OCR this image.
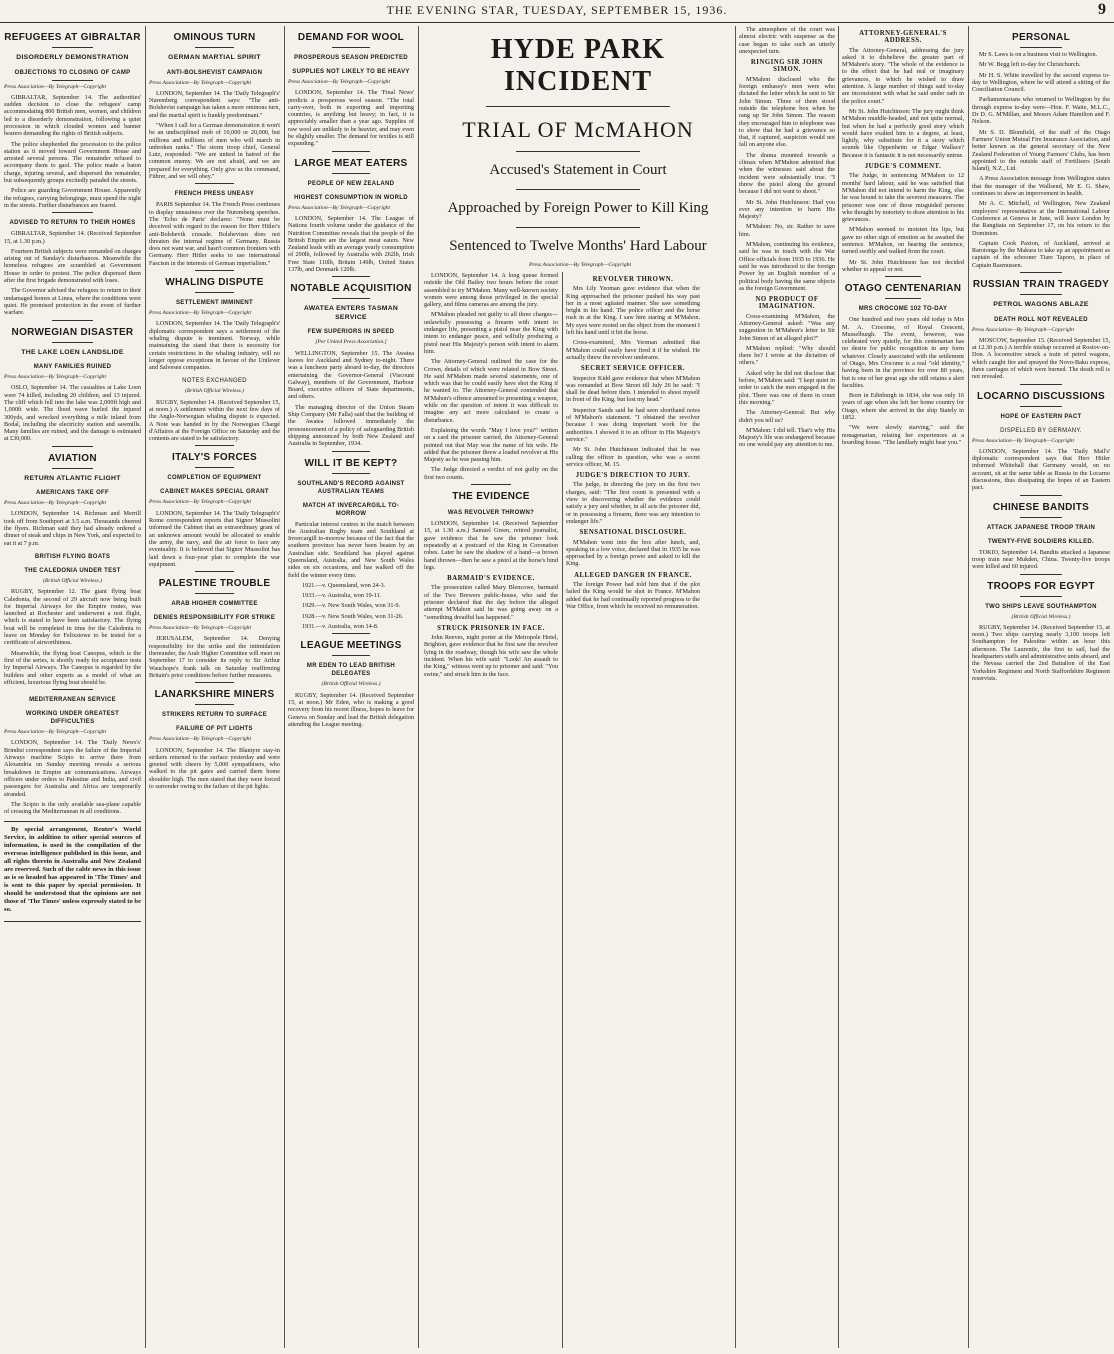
THE EVENING STAR, TUESDAY, SEPTEMBER 15, 1936.	9
REFUGEES AT GIBRALTAR
DISORDERLY DEMONSTRATION
OBJECTIONS TO CLOSING OF CAMP

Press Association—By Telegraph—Copyright

GIBRALTAR, September 14. The authorities' sudden decision to close the refugees' camp accommodating 800 British men, women, and children led to a disorderly demonstration, following a quiet procession in which clouded women and banner bearers demanding the rights of British subjects.

The police shepherded the procession to the police station as it moved toward Government House and arrested several persons. The remainder refused to accompany them to gaol. The police made a baton charge, injuring several, and dispersed the remainder, but subsequently groups excitedly paraded the streets.

Police are guarding Government House. Apparently the refugees, carrying belongings, must spend the night in the streets. Further disturbances are feared.

ADVISED TO RETURN TO THEIR HOMES

GIBRALTAR, September 14. (Received September 15, at 1.30 p.m.)

Fourteen British subjects were remanded on charges arising out of Sunday's disturbances. Meanwhile the homeless refugees are scrambled at Government House in order to protest. The police dispersed them after the first brigade demonstrated with loses.

The Governor advised the refugees to return to their undamaged homes at Linea, where the conditions were quiet. He promised protection in the event of further warfare.

NORWEGIAN DISASTER
THE LAKE LOEN LANDSLIDE
MANY FAMILIES RUINED

Press Association—By Telegraph—Copyright

OSLO, September 14. The casualties at Lake Loen were 74 killed, including 20 children, and 13 injured. The cliff which fell into the lake was 2,000ft high and 1,000ft wide. The flood wave hurled the injured 300yds, and wrecked everything a mile inland from Bodal, including the electricity station and sawmills. Many families are ruined, and the damage is estimated at £30,000.

AVIATION
RETURN ATLANTIC FLIGHT
AMERICANS TAKE OFF

Press Association—By Telegraph—Copyright

LONDON, September 14. Richman and Merrill took off from Southport at 3.5 a.m. Thousands cheered the flyers. Richman said they had already ordered a dinner of steak and chips in New York, and expected to eat it at 7 p.m.

BRITISH FLYING BOATS
THE CALEDONIA UNDER TEST

(British Official Wireless.)

RUGBY, September 12. The giant flying boat Caledonia, the second of 29 aircraft now being built for Imperial Airways for the Empire routes, was launched at Rochester and underwent a test flight, which is stated to have been satisfactory. The flying boat will be completed in time for the Caledonia to leave on Monday for Felixstowe to be tested for a certificate of airworthiness.

Meanwhile, the flying boat Canopus, which is the first of the series, is shortly ready for acceptance tests by Imperial Airways. The Canopus is regarded by the builders and other experts as a model of what an efficient, luxurious flying boat should be.

MEDITERRANEAN SERVICE
WORKING UNDER GREATEST DIFFICULTIES

Press Association—By Telegraph—Copyright

LONDON, September 14. The 'Daily News's' Brindisi correspondent says the failure of the Imperial Airways machine Scipio to arrive there from Alexandria on Sunday morning reveals a serious breakdown in Empire air communications. Airways officers under orders to Palestine and India, and civil passengers for Australia and Africa are temporarily stranded.

The Scipio is the only available sea-plane capable of crossing the Mediterranean in all conditions.

By special arrangement, Reuter's World Service, in addition to other special sources of information, is used in the compilation of the overseas intelligence published in this issue, and all rights therein in Australia and New Zealand are reserved. Such of the cable news in this issue as is so headed has appeared in 'The Times' and is sent to this paper by special permission. It should be understood that the opinions are not those of 'The Times' unless expressly stated to be so.

OMINOUS TURN
GERMAN MARTIAL SPIRIT
ANTI-BOLSHEVIST CAMPAIGN

Press Association—By Telegraph—Copyright

LONDON, September 14. The 'Daily Telegraph's' Nuremberg correspondent says: "The anti-Bolshevist campaign has taken a more ominous turn, and the martial spirit is frankly predominant."

"When I call for a German demonstration it won't be an undisciplined mob of 10,000 or 20,000, but millions and millions of men who will march in unbroken ranks." The storm troop chief, General Lutz, responded: "We are united in hatred of the common enemy. We are not afraid, and we are prepared for everything. Only give us the command, Führer, and we will obey."

FRENCH PRESS UNEASY

PARIS September 14. The French Press continues to display uneasiness over the Nuremberg speeches. The 'Echo de Paris' declares: "None must be deceived with regard to the reason for Herr Hitler's anti-Bolshevik crusade. Bolshevism does not threaten the internal regime of Germany. Russia does not want war, and hasn't common frontiers with Germany. Herr Hitler seeks to use international Fascism in the interests of German imperialism."

WHALING DISPUTE
SETTLEMENT IMMINENT

Press Association—By Telegraph—Copyright

LONDON, September 14. The 'Daily Telegraph's' diplomatic correspondent says a settlement of the whaling dispute is imminent. Norway, while maintaining the stand that there is necessity for certain restrictions in the whaling industry, will no longer oppose exceptions in favour of the Unilever and Salvesen companies.

NOTES EXCHANGED

(British Official Wireless.)

RUGBY, September 14. (Received September 15, at noon.) A settlement within the next few days of the Anglo-Norwegian whaling dispute is expected. A Note was handed in by the Norwegian Chargé d'Affaires at the Foreign Office on Saturday and the contents are stated to be satisfactory.

ITALY'S FORCES
COMPLETION OF EQUIPMENT
CABINET MAKES SPECIAL GRANT

Press Association—By Telegraph—Copyright

LONDON, September 14. The 'Daily Telegraph's' Rome correspondent reports that Signor Mussolini informed the Cabinet that an extraordinary grant of an unknown amount would be allocated to enable the army, the navy, and the air force to face any eventuality. It is believed that Signor Mussolini has laid down a four-year plan to complete the war equipment.

PALESTINE TROUBLE
ARAB HIGHER COMMITTEE
DENIES RESPONSIBILITY FOR STRIKE

Press Association—By Telegraph—Copyright

JERUSALEM, September 14. Denying responsibility for the strike and the intimidation thereunder, the Arab Higher Committee will meet on September 17 to consider its reply to Sir Arthur Wauchope's frank talk on Saturday reaffirming Britain's prior conditions before further measures.

LANARKSHIRE MINERS
STRIKERS RETURN TO SURFACE
FAILURE OF PIT LIGHTS

Press Association—By Telegraph—Copyright

LONDON, September 14. The Blantyre stay-in strikers returned to the surface yesterday and were greeted with cheers by 5,000 sympathisers, who walked to the pit gates and carried them home shoulder high. The men stated that they were forced to surrender owing to the failure of the pit lights.

DEMAND FOR WOOL
PROSPEROUS SEASON PREDICTED
SUPPLIES NOT LIKELY TO BE HEAVY

Press Association—By Telegraph—Copyright

LONDON, September 14. The 'Final News' predicts a prosperous wool season. "The total carry-over, both in exporting and importing countries, is anything but heavy; in fact, it is appreciably smaller than a year ago. Supplies of raw wool are unlikely to be heavier, and may even be slightly smaller. The demand for textiles is still expanding."

LARGE MEAT EATERS
PEOPLE OF NEW ZEALAND
HIGHEST CONSUMPTION IN WORLD

Press Association—By Telegraph—Copyright

LONDON, September 14. The League of Nations fourth volume under the guidance of the Nutrition Committee reveals that the people of the British Empire are the largest meat eaters. New Zealand leads with an average yearly consumption of 290lb, followed by Australia with 262lb, Irish Free State 110lb, Britain 149lb, United States 137lb, and Denmark 120lb.

NOTABLE ACQUISITION
AWATEA ENTERS TASMAN SERVICE
FEW SUPERIORS IN SPEED

[Per United Press Association.]

WELLINGTON, September 15. The Awatea leaves for Auckland and Sydney to-night. There was a luncheon party aboard to-day, the directors entertaining the Governor-General (Viscount Galway), members of the Government, Harbour Board, executive officers of State departments, and others.

The managing director of the Union Steam Ship Company (Mr Falla) said that the building of the Awatea followed immediately the pronouncement of a policy of safeguarding British shipping announced by both New Zealand and Australia in September, 1934.

WILL IT BE KEPT?
SOUTHLAND'S RECORD AGAINST AUSTRALIAN TEAMS
MATCH AT INVERCARGILL TO-MORROW

Particular interest centres in the match between the Australian Rugby team and Southland at Invercargill to-morrow because of the fact that the southern province has never been beaten by an Australian side. Southland has played against Queensland, Australia, and New South Wales sides on six occasions, and has walked off the field the winner every time.

1921.—v. Queensland, won 24-3.

1933.—v. Australia, won 19-11.

1929.—v. New South Wales, won 31-9.

1928.—v. New South Wales, won 31-26.

1931.—v. Australia, won 14-8.

LEAGUE MEETINGS
MR EDEN TO LEAD BRITISH DELEGATES

(British Official Wireless.)

RUGBY, September 14. (Received September 15, at noon.) Mr Eden, who is making a good recovery from his recent illness, hopes to leave for Geneva on Sunday and lead the British delegation attending the League meeting.

HYDE PARK INCIDENT
TRIAL OF McMAHON
Accused's Statement in Court
Approached by Foreign Power to Kill King
Sentenced to Twelve Months' Hard Labour

Press Association—By Telegraph—Copyright

LONDON, September 14. A long queue formed outside the Old Bailey two hours before the court assembled to try M'Mahon. Many well-known society women were among those privileged in the special gallery, and films cameras are among the jury.

M'Mahon pleaded not guilty to all three charges—unlawfully possessing a firearm with intent to endanger life, presenting a pistol near the King with intent to endanger peace, and wilfully producing a pistol near His Majesty's person with intent to alarm him.

The Attorney-General outlined the case for the Crown, details of which were related in Bow Street. He said M'Mahon made several statements, one of which was that he could easily have shot the King if he wanted to. The Attorney-General contended that M'Mahon's offence amounted to presenting a weapon, while on the question of intent it was difficult to imagine any act more calculated to create a disturbance.

Explaining the words "May I love you?" written on a card the prisoner carried, the Attorney-General pointed out that May was the name of his wife. He added that the prisoner threw a loaded revolver at His Majesty as he was passing him.

The Judge directed a verdict of not guilty on the first two counts.

THE EVIDENCE
WAS REVOLVER THROWN?

LONDON, September 14. (Received September 15, at 1.30 a.m.) Samuel Green, retired journalist, gave evidence that he saw the prisoner look repeatedly at a postcard of the King in Coronation robes. Later he saw the shadow of a hand—a brown hand thrown—then he saw a pistol at the horse's hind legs.

BARMAID'S EVIDENCE.

The prosecution called Mary Blencowe, barmaid of the Two Brewers public-house, who said the prisoner declared that the day before the alleged attempt M'Mahon said he was going away on a "something dreadful has happened."

STRUCK PRISONER IN FACE.

John Reeves, night porter at the Metropole Hotel, Brighton, gave evidence that he first saw the revolver lying in the roadway, though his wife saw the whole incident. When his wife said: "Look! An assault to the King," witness went up to prisoner and said: "You swine," and struck him in the face.

REVOLVER THROWN.

Mrs Lily Yeoman gave evidence that when the King approached the prisoner pushed his way past her in a most agitated manner. She saw something bright in his hand. The police officer and the horse rush in at the King. I saw him staring at M'Mahon. My eyes were rooted on the object from the moment I left his hand until it hit the horse.

Cross-examined, Mrs Yeoman admitted that M'Mahon could easily have fired it if he wished. He actually threw the revolver underarm.

SECRET SERVICE OFFICER.

Inspector Kidd gave evidence that when M'Mahon was remanded at Bow Street till July 26 he said: "I shall be dead before then. I intended to shoot myself in front of the King, but lost my head."

Inspector Sands said he had seen shorthand notes of M'Mahon's statement. "I obtained the revolver because I was doing important work for the authorities. I showed it to an officer in His Majesty's service."

Mr St. John Hutchinson indicated that he was calling the officer in question, who was a secret service officer, M. 15.

JUDGE'S DIRECTION TO JURY.

The judge, in directing the jury on the first two charges, said: "The first count is presented with a view to discovering whether the evidence could satisfy a jury and whether, in all acts the prisoner did, or in possessing a firearm, there was any intention to endanger life."

SENSATIONAL DISCLOSURE.

M'Mahon went into the box after lunch, and, speaking in a low voice, declared that in 1935 he was approached by a foreign power and asked to kill the King.

ALLEGED DANGER IN FRANCE.

The foreign Power had told him that if the plot failed the King would be shot in France. M'Mahon added that he had continually reported progress to the War Office, from which he received no remuneration.

The atmosphere of the court was almost electric with suspense as the case began to take such an utterly unexpected turn.

RINGING SIR JOHN SIMON.

M'Mahon disclosed who the foreign embassy's men were who dictated the letter which he sent to Sir John Simon. Three of them stood outside the telephone box when he rang up Sir John Simon. The reason they encouraged him to telephone was to show that he had a grievance so that, if captured, suspicion would not fall on anyone else.

The drama mounted towards a climax when M'Mahon admitted that when the witnesses said about the incident were substantially true. "I threw the pistol along the ground because I did not want to shoot."

Mr St. John Hutchinson: Had you ever any intention to harm His Majesty?

M'Mahon: No, sir. Rather to save him.

M'Mahon, continuing his evidence, said he was in touch with the War Office officials from 1935 to 1936. He said he was introduced to the foreign Power by an English member of a political body having the same objects as the foreign Government.

NO PRODUCT OF IMAGINATION.

Cross-examining M'Mahon, the Attorney-General asked: "Was any suggestion in M'Mahon's letter to Sir John Simon of an alleged plot?"

M'Mahon replied: "Why should there be? I wrote at the dictation of others."

Asked why he did not disclose that before, M'Mahon said: "I kept quiet in order to catch the men engaged in the plot. There was one of them in court this morning."

The Attorney-General: But why didn't you tell us?

M'Mahon: I did tell. That's why His Majesty's life was endangered because no one would pay any attention to me.

ATTORNEY-GENERAL'S ADDRESS.

The Attorney-General, addressing the jury asked it to disbelieve the greater part of M'Mahon's story. "The whole of the evidence is to the effect that he had real or imaginary grievances, to which he wished to draw attention. A large number of things said to-day are inconsistent with what he said under oath in the police court."

Mr St. John Hutchinson: The jury might think M'Mahon muddle-headed, and not quite normal, but when he had a perfectly good story which would have exalted him to a degree, at least, lightly, why substitute for it a story which sounds like Oppenheim or Edgar Wallace? Because it is fantastic it is not necessarily untrue.

JUDGE'S COMMENT.

The Judge, in sentencing M'Mahon to 12 months' hard labour, said he was satisfied that M'Mahon did not intend to harm the King, else he was bound to take the severest measures. The prisoner was one of those misguided persons who thought by notoriety to draw attention to his grievances.

M'Mahon seemed to moisten his lips, but gave no other sign of emotion as he awaited the sentence. M'Mahon, on hearing the sentence, turned swiftly and walked from the court.

Mr St. John Hutchinson has not decided whether to appeal or not.

OTAGO CENTENARIAN
MRS CROCOME 102 TO-DAY

One hundred and two years old today is Mrs M. A. Crocome, of Royal Crescent, Musselburgh. The event, however, was celebrated very quietly, for this centenarian has no desire for public recognition in any form whatever. Closely associated with the settlement of Otago, Mrs Crocome is a real "old identity," having been in the province for over 80 years, but is one of her great age she still retains a alert faculties.

Born in Edinburgh in 1834, she was only 16 years of age when she left her home country for Otago, where she arrived in the ship Stately in 1852.

"We were slowly starving," said the nonagenarian, relating her experiences at a boarding house. "The landlady might hear you."

PERSONAL

Mr S. Laws is on a business visit to Wellington.

Mr W. Begg left to-day for Christchurch.

Mr H. S. White travelled by the second express to-day to Wellington, where he will attend a sitting of the Conciliation Council.

Parliamentarians who returned to Wellington by the through express to-day were—Hon. F. Waite, M.L.C., Dr D. G. M'Millan, and Messrs Adam Hamilton and F. Nelson.

Mr S. D. Blomfield, of the staff of the Otago Farmers' Union Mutual Fire Insurance Association, and better known as the general secretary of the New Zealand Federation of Young Farmers' Clubs, has been appointed to the outside staff of Fertilisers (South Island), N.Z., Ltd.

A Press Association message from Wellington states that the manager of the Wallsend, Mr E. G. Shaw, continues to show an improvement in health.

Mr A. C. Mitchell, of Wellington, New Zealand employers' representative at the International Labour Conference at Geneva in June, will leave London by the Rangitata on September 17, on his return to the Dominion.

Captain Cook Paxton, of Auckland, arrived at Rarotonga by the Makura to take up an appointment as captain of the schooner Tiare Taporo, in place of Captain Rasmussen.

RUSSIAN TRAIN TRAGEDY
PETROL WAGONS ABLAZE
DEATH ROLL NOT REVEALED

Press Association—By Telegraph—Copyright

MOSCOW, September 15. (Received September 15, at 12.30 p.m.) A terrible mishap occurred at Rostov-on-Don. A locomotive struck a train of petrol wagons, which caught fire and sprayed the Novo-Baku express, three carriages of which were burned. The death roll is not revealed.

LOCARNO DISCUSSIONS
HOPE OF EASTERN PACT
DISPELLED BY GERMANY.

Press Association—By Telegraph—Copyright

LONDON, September 14. The 'Daily Mail's' diplomatic correspondent says that Herr Hitler informed Whitehall that Germany would, on no account, sit at the same table as Russia in the Locarno discussions, thus dissipating the hopes of an Eastern pact.

CHINESE BANDITS
ATTACK JAPANESE TROOP TRAIN
TWENTY-FIVE SOLDIERS KILLED.

TOKIO, September 14. Bandits attacked a Japanese troop train near Mukden, China. Twenty-five troops were killed and 60 injured.

TROOPS FOR EGYPT
TWO SHIPS LEAVE SOUTHAMPTON

(British Official Wireless.)

RUGBY, September 14. (Received September 15, at noon.) Two ships carrying nearly 3,100 troops left Southampton for Palestine within an hour this afternoon. The Laurentic, the first to sail, had the headquarters staffs and administrative units aboard, and the Nevasa carried the 2nd Battalion of the East Yorkshire Regiment and North Staffordshire Regiment reservists.
